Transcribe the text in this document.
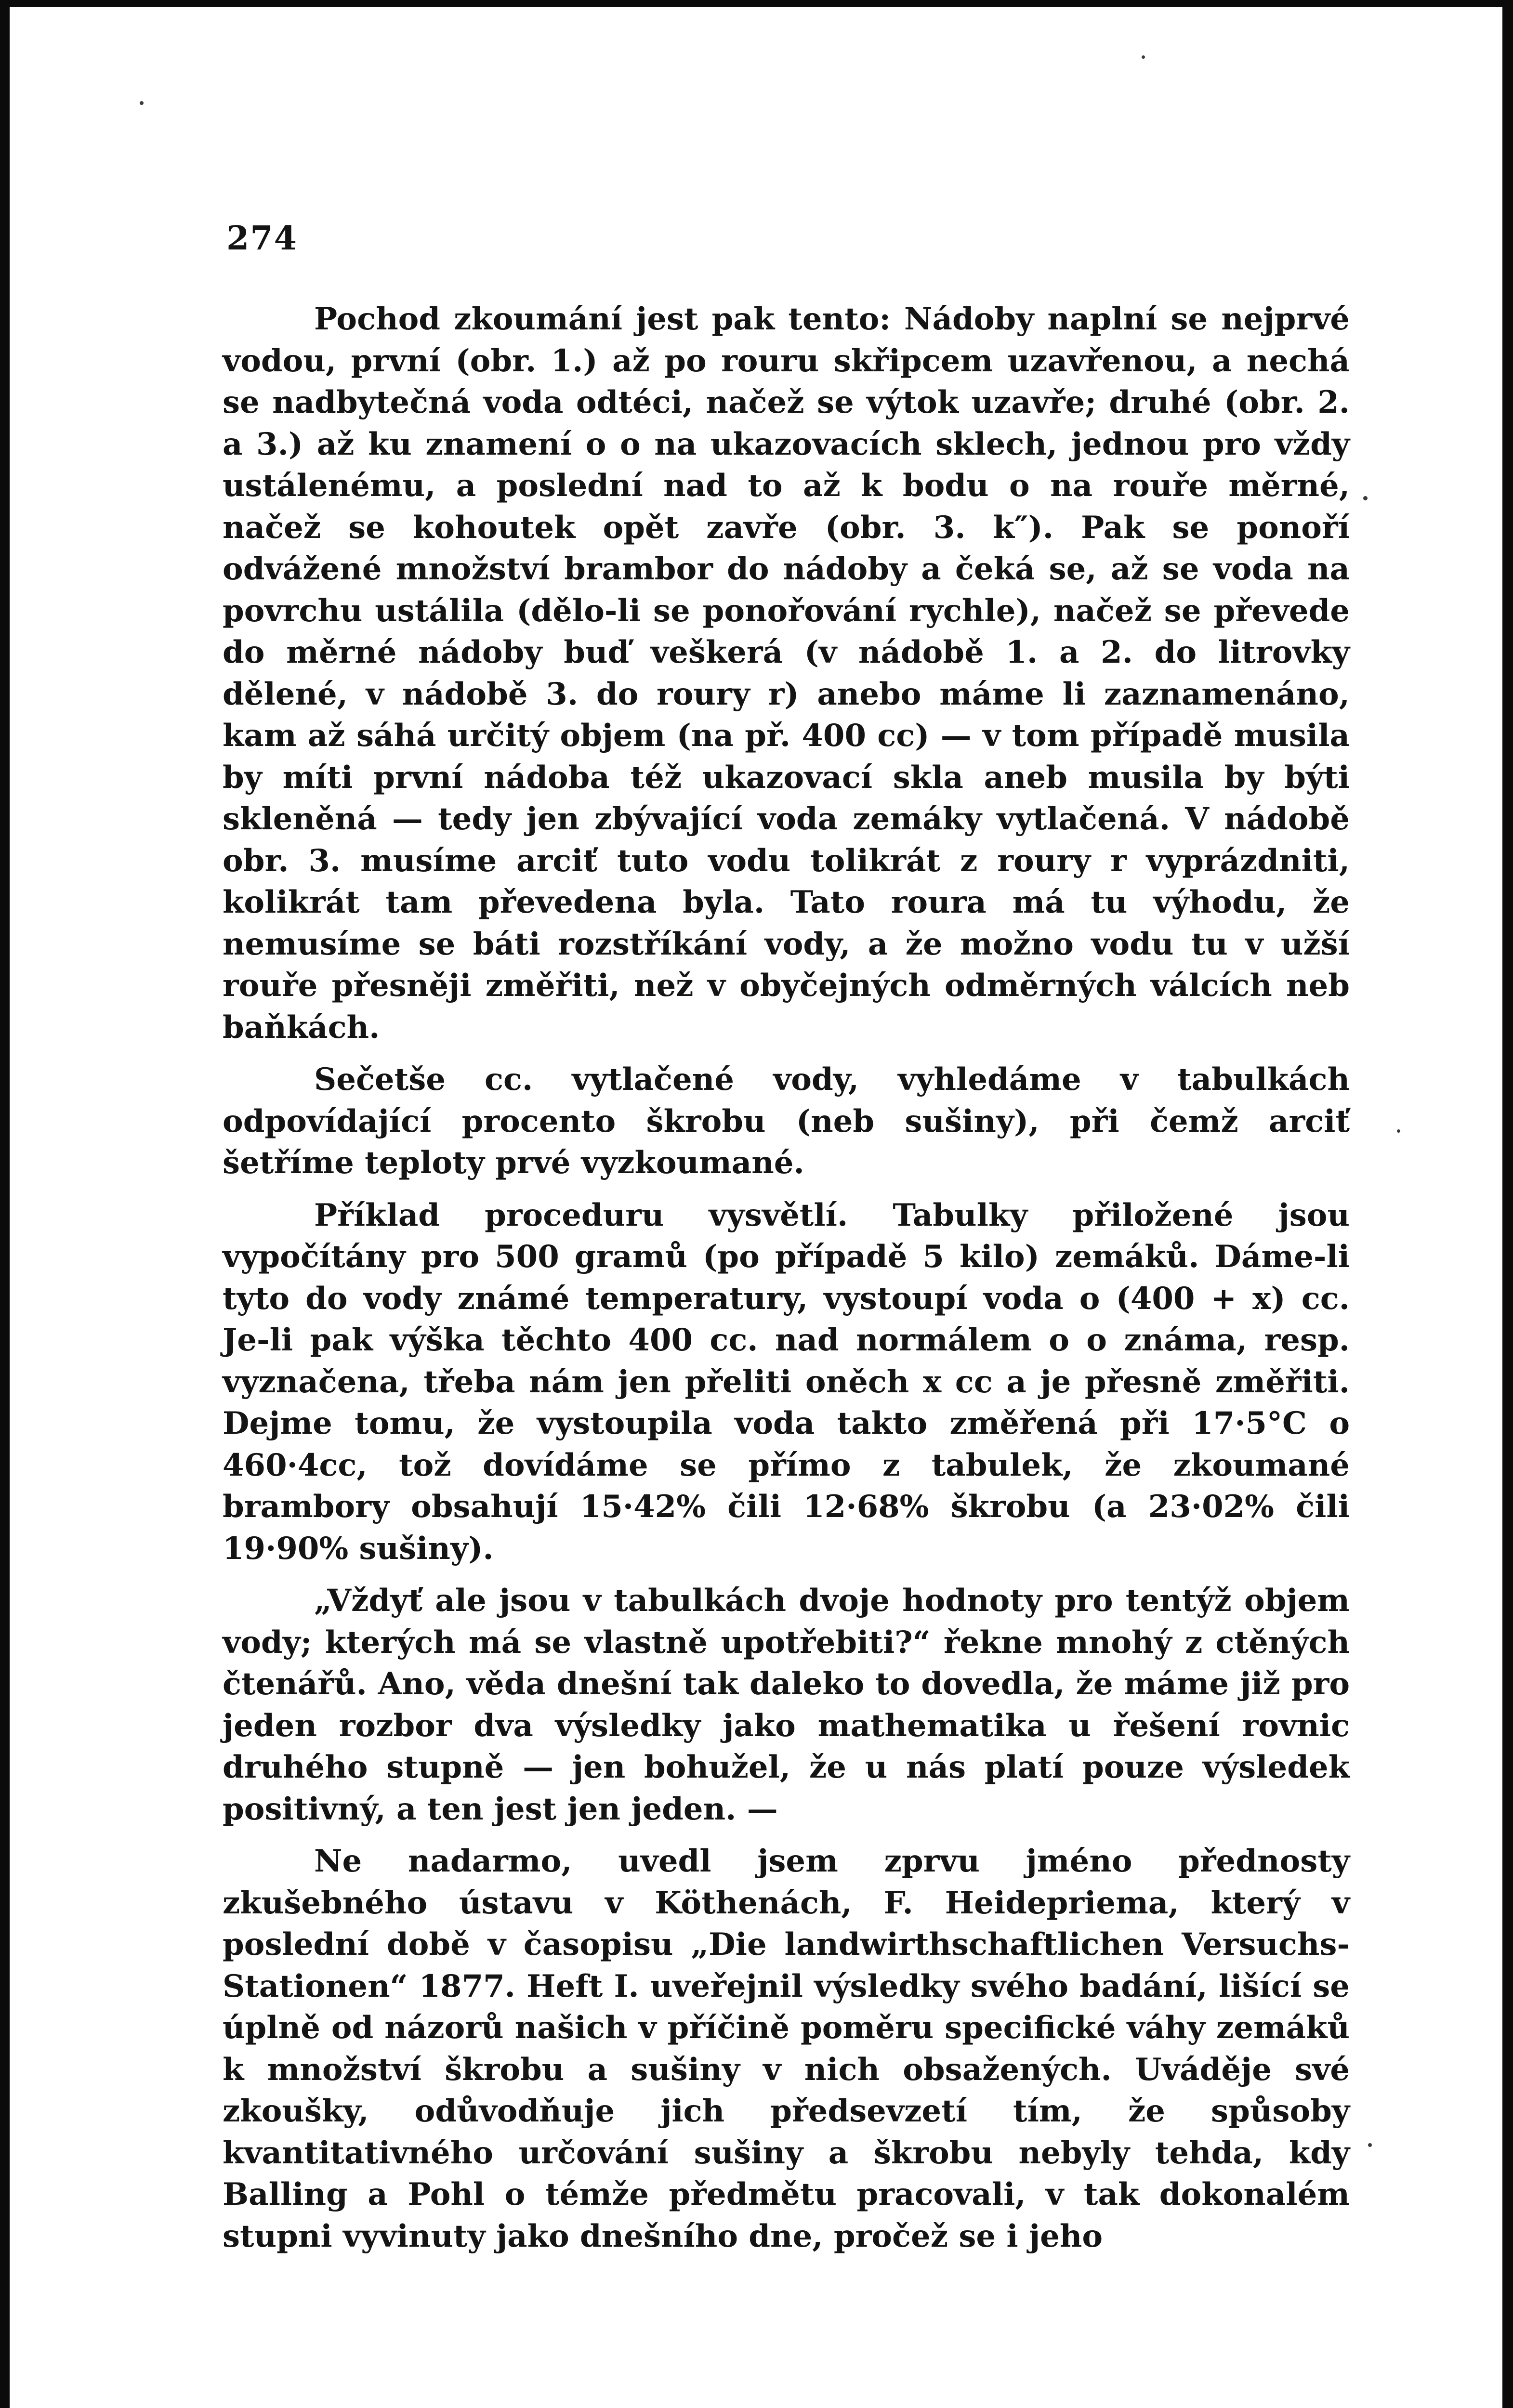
274

Pochod zkoumání jest pak tento: Nádoby naplní se nejprvé vodou, první (obr. 1.) až po rouru skřipcem uzavřenou, a nechá se nadbytečná voda odtéci, načež se výtok uzavře; druhé (obr. 2. a 3.) až ku znamení o o na ukazovacích sklech, jednou pro vždy ustálenému, a poslední nad to až k bodu o na rouře měrné, načež se kohoutek opět zavře (obr. 3. k″). Pak se ponoří odvážené množství brambor do nádoby a čeká se, až se voda na povrchu ustálila (dělo-li se ponořování rychle), načež se převede do měrné nádoby buď veškerá (v nádobě 1. a 2. do litrovky dělené, v nádobě 3. do roury r) anebo máme li zaznamenáno, kam až sáhá určitý objem (na př. 400 cc) — v tom případě musila by míti první nádoba též ukazovací skla aneb musila by býti skleněná — tedy jen zbývající voda zemáky vytlačená. V nádobě obr. 3. musíme arciť tuto vodu tolikrát z roury r vyprázdniti, kolikrát tam převedena byla. Tato roura má tu výhodu, že nemusíme se báti rozstříkání vody, a že možno vodu tu v užší rouře přesněji změřiti, než v obyčejných odměrných válcích neb baňkách.

Sečetše cc. vytlačené vody, vyhledáme v tabulkách odpovídající procento škrobu (neb sušiny), při čemž arciť šetříme teploty prvé vyzkoumané.

Příklad proceduru vysvětlí. Tabulky přiložené jsou vypočítány pro 500 gramů (po případě 5 kilo) zemáků. Dáme-li tyto do vody známé temperatury, vystoupí voda o (400 + x) cc. Je-li pak výška těchto 400 cc. nad normálem o o známa, resp. vyznačena, třeba nám jen přeliti oněch x cc a je přesně změřiti. Dejme tomu, že vystoupila voda takto změřená při 17·5°C o 460·4cc, tož dovídáme se přímo z tabulek, že zkoumané brambory obsahují 15·42% čili 12·68% škrobu (a 23·02% čili 19·90% sušiny).

„Vždyť ale jsou v tabulkách dvoje hodnoty pro tentýž objem vody; kterých má se vlastně upotřebiti?“ řekne mnohý z ctěných čtenářů. Ano, věda dnešní tak daleko to dovedla, že máme již pro jeden rozbor dva výsledky jako mathematika u řešení rovnic druhého stupně — jen bohužel, že u nás platí pouze výsledek positivný, a ten jest jen jeden. —

Ne nadarmo, uvedl jsem zprvu jméno přednosty zkušebného ústavu v Köthenách, F. Heidepriema, který v poslední době v časopisu „Die landwirthschaftlichen Versuchs-Stationen“ 1877. Heft I. uveřejnil výsledky svého badání, lišící se úplně od názorů našich v příčině poměru specifické váhy zemáků k množství škrobu a sušiny v nich obsažených. Uváděje své zkoušky, odůvodňuje jich předsevzetí tím, že spůsoby kvantitativného určování sušiny a škrobu nebyly tehda, kdy Balling a Pohl o témže předmětu pracovali, v tak dokonalém stupni vyvinuty jako dnešního dne, pročež se i jeho
